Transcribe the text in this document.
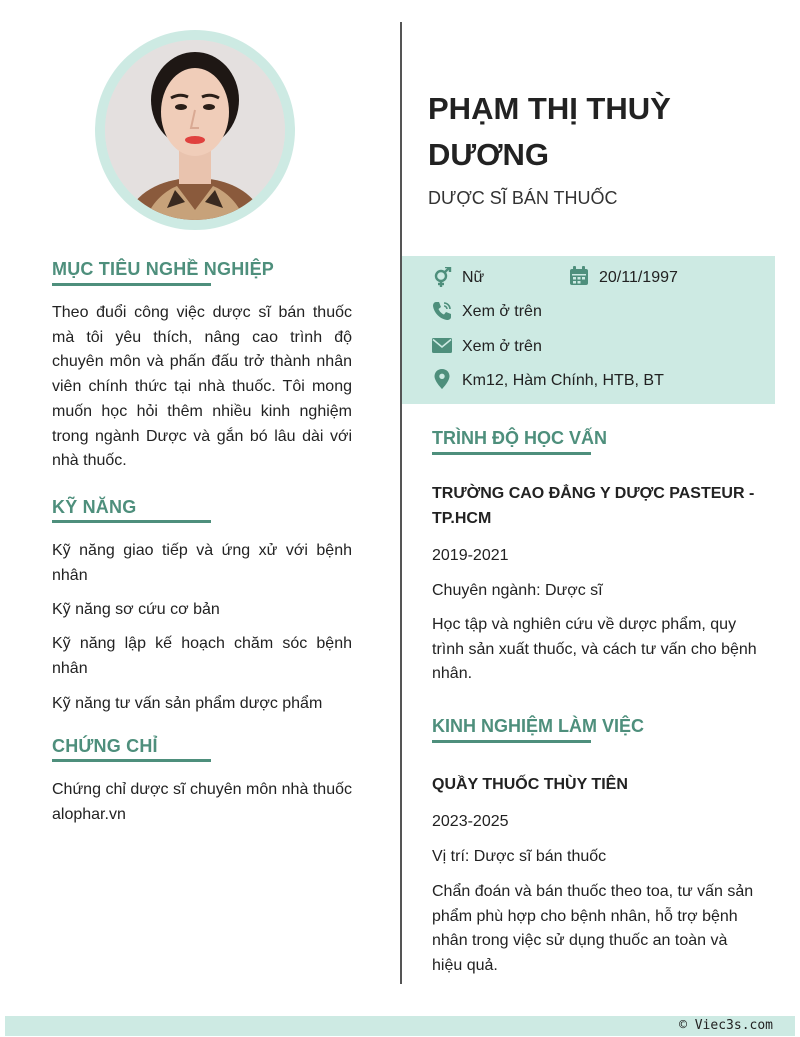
MỤC TIÊU NGHỀ NGHIỆP
Theo đuổi công việc dược sĩ bán thuốc mà tôi yêu thích, nâng cao trình độ chuyên môn và phấn đấu trở thành nhân viên chính thức tại nhà thuốc. Tôi mong muốn học hỏi thêm nhiều kinh nghiệm trong ngành Dược và gắn bó lâu dài với nhà thuốc.
KỸ NĂNG
Kỹ năng giao tiếp và ứng xử với bệnh nhân
Kỹ năng sơ cứu cơ bản
Kỹ năng lập kế hoạch chăm sóc bệnh nhân
Kỹ năng tư vấn sản phẩm dược phẩm
CHỨNG CHỈ
Chứng chỉ dược sĩ chuyên môn nhà thuốc alophar.vn
PHẠM THỊ THUỲ DƯƠNG
DƯỢC SĨ BÁN THUỐC
Nữ	20/11/1997
Xem ở trên
Xem ở trên
Km12, Hàm Chính, HTB, BT
TRÌNH ĐỘ HỌC VẤN
TRƯỜNG CAO ĐẲNG Y DƯỢC PASTEUR - TP.HCM
2019-2021
Chuyên ngành: Dược sĩ
Học tập và nghiên cứu về dược phẩm, quy trình sản xuất thuốc, và cách tư vấn cho bệnh nhân.
KINH NGHIỆM LÀM VIỆC
QUẦY THUỐC THÙY TIÊN
2023-2025
Vị trí: Dược sĩ bán thuốc
Chẩn đoán và bán thuốc theo toa, tư vấn sản phẩm phù hợp cho bệnh nhân, hỗ trợ bệnh nhân trong việc sử dụng thuốc an toàn và hiệu quả.
© Viec3s.com
